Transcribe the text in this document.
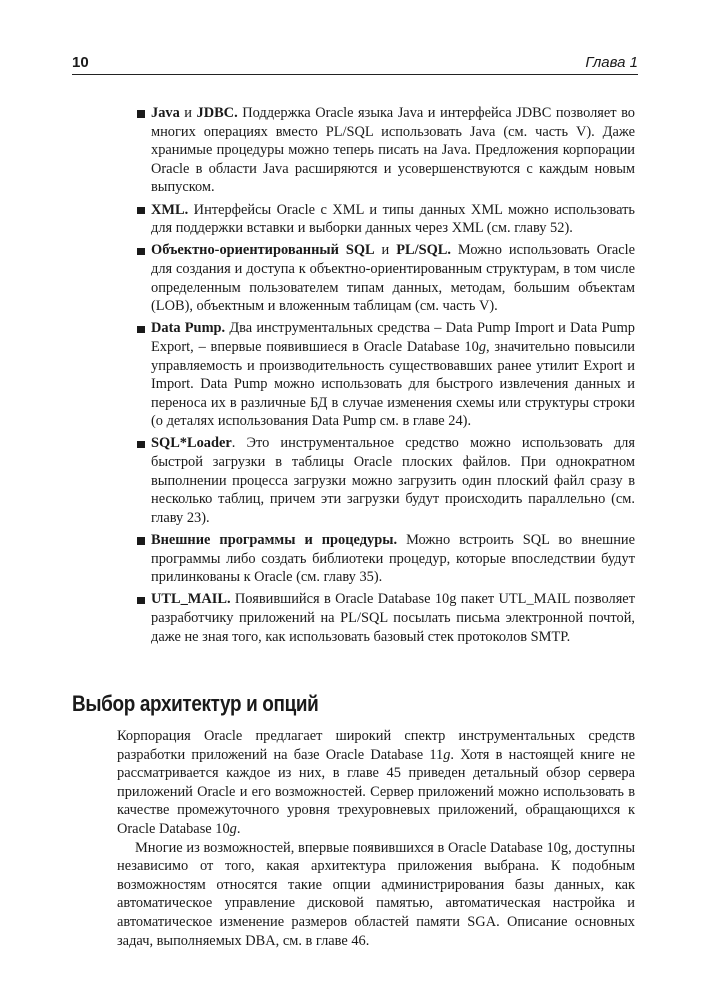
10	Глава 1
Java и JDBC. Поддержка Oracle языка Java и интерфейса JDBC позволяет во многих операциях вместо PL/SQL использовать Java (см. часть V). Даже хранимые процедуры можно теперь писать на Java. Предложения корпорации Oracle в области Java расширяются и усовершенствуются с каждым новым выпуском.
XML. Интерфейсы Oracle с XML и типы данных XML можно использовать для поддержки вставки и выборки данных через XML (см. главу 52).
Объектно-ориентированный SQL и PL/SQL. Можно использовать Oracle для создания и доступа к объектно-ориентированным структурам, в том числе определенным пользователем типам данных, методам, большим объектам (LOB), объектным и вложенным таблицам (см. часть V).
Data Pump. Два инструментальных средства – Data Pump Import и Data Pump Export, – впервые появившиеся в Oracle Database 10g, значительно повысили управляемость и производительность существовавших ранее утилит Export и Import. Data Pump можно использовать для быстрого извлечения данных и переноса их в различные БД в случае изменения схемы или структуры строки (о деталях использования Data Pump см. в главе 24).
SQL*Loader. Это инструментальное средство можно использовать для быстрой загрузки в таблицы Oracle плоских файлов. При однократном выполнении процесса загрузки можно загрузить один плоский файл сразу в несколько таблиц, причем эти загрузки будут происходить параллельно (см. главу 23).
Внешние программы и процедуры. Можно встроить SQL во внешние программы либо создать библиотеки процедур, которые впоследствии будут прилинкованы к Oracle (см. главу 35).
UTL_MAIL. Появившийся в Oracle Database 10g пакет UTL_MAIL позволяет разработчику приложений на PL/SQL посылать письма электронной почтой, даже не зная того, как использовать базовый стек протоколов SMTP.
Выбор архитектур и опций

Корпорация Oracle предлагает широкий спектр инструментальных средств разработки приложений на базе Oracle Database 11g. Хотя в настоящей книге не рассматривается каждое из них, в главе 45 приведен детальный обзор сервера приложений Oracle и его возможностей. Сервер приложений можно использовать в качестве промежуточного уровня трехуровневых приложений, обращающихся к Oracle Database 10g.

Многие из возможностей, впервые появившихся в Oracle Database 10g, доступны независимо от того, какая архитектура приложения выбрана. К подобным возможностям относятся такие опции администрирования базы данных, как автоматическое управление дисковой памятью, автоматическая настройка и автоматическое изменение размеров областей памяти SGA. Описание основных задач, выполняемых DBA, см. в главе 46.
